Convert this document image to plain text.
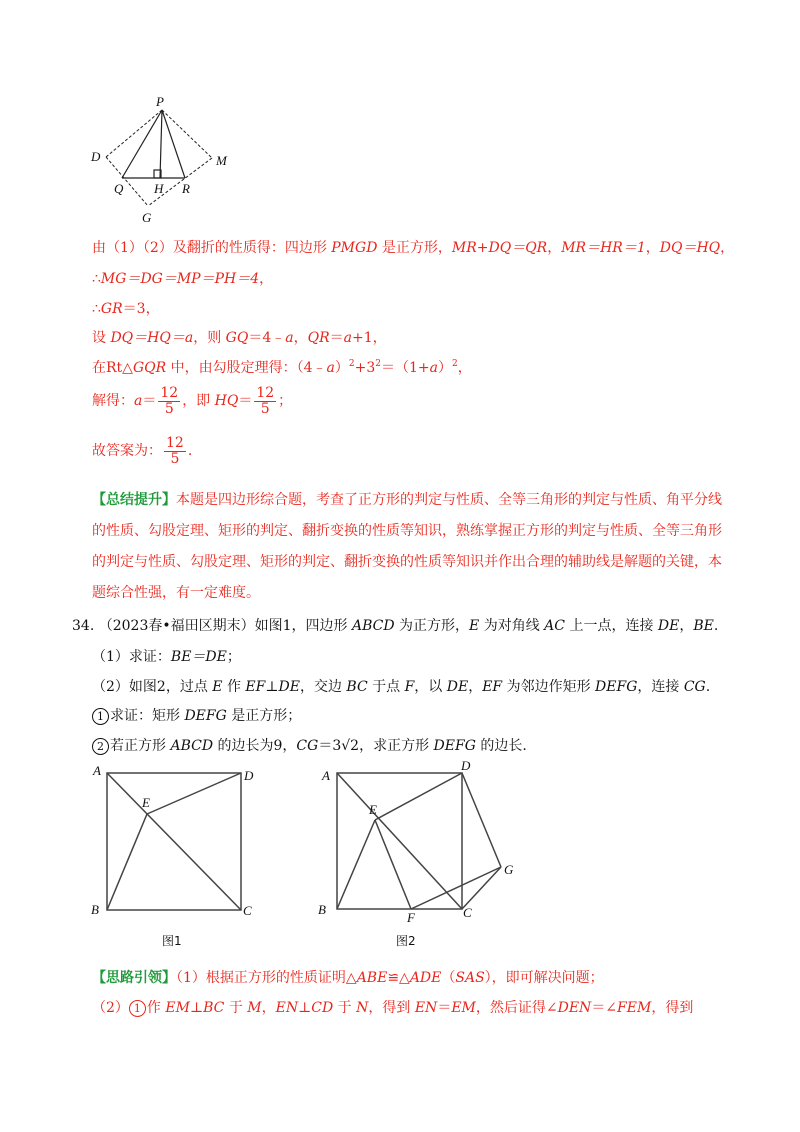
P
D	M
Q H R
G
由（1）（2）及翻折的性质得：四边形 PMGD 是正方形，MR+DQ＝QR，MR＝HR＝1，DQ＝HQ，
∴MG＝DG＝MP＝PH＝4，
∴GR＝3，
设 DQ＝HQ＝a，则 GQ＝4﹣a，QR＝a+1，
在Rt△GQR 中，由勾股定理得：$(4﹣a)^2+3^2=(1+a)^2$，
解得：$a= \frac{12}{5}$ ，即 $HQ= \frac{12}{5}$ ；
故答案为： $\frac{12}{5}$ .
【总结提升】本题是四边形综合题，考查了正方形的判定与性质、全等三角形的判定与性质、角平分线
的性质、勾股定理、矩形的判定、翻折变换的性质等知识，熟练掌握正方形的判定与性质、全等三角形
的判定与性质、勾股定理、矩形的判定、翻折变换的性质等知识并作出合理的辅助线是解题的关键，本
题综合性强，有一定难度。
34. （2023春•福田区期末）如图1，四边形 ABCD 为正方形，E 为对角线 AC 上一点，连接 DE，BE.
（1）求证：BE＝DE；
（2）如图2，过点 E 作 EF⊥DE，交边 BC 于点 F，以 DE，EF 为邻边作矩形 DEFG，连接 CG.
1 求证：矩形 DEFG 是正方形；
2 若正方形 ABCD 的边长为9，CG＝3√2，求正方形 DEFG 的边长.
A	D
E
B	C
图1
A
D
E
G
B
F	C
图2
【思路引领】（1）根据正方形的性质证明△ABE≌△ADE（SAS），即可解决问题；
（2） 1 作 EM⊥BC 于 M，EN⊥CD 于 N，得到 EN＝EM，然后证得∠DEN＝∠FEM，得到
